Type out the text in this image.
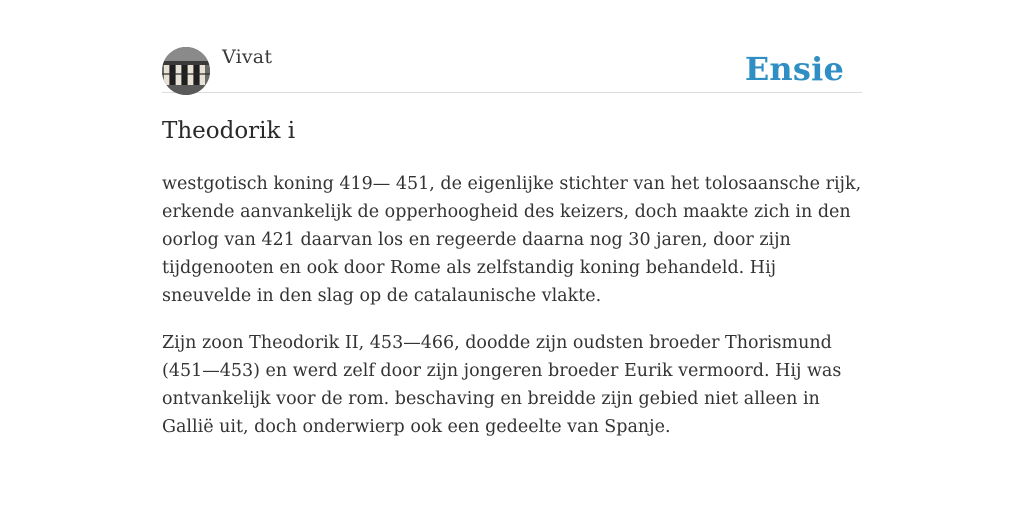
Vivat	Ensie
Theodorik i

westgotisch koning 419— 451, de eigenlijke stichter van het tolosaansche rijk, erkende aanvankelijk de opperhoogheid des keizers, doch maakte zich in den oorlog van 421 daarvan los en regeerde daarna nog 30 jaren, door zijn tijdgenooten en ook door Rome als zelfstandig koning behandeld. Hij sneuvelde in den slag op de catalaunische vlakte.

Zijn zoon Theodorik II, 453—466, doodde zijn oudsten broeder Thorismund (451—453) en werd zelf door zijn jongeren broeder Eurik vermoord. Hij was ontvankelijk voor de rom. beschaving en breidde zijn gebied niet alleen in Gallië uit, doch onderwierp ook een gedeelte van Spanje.
